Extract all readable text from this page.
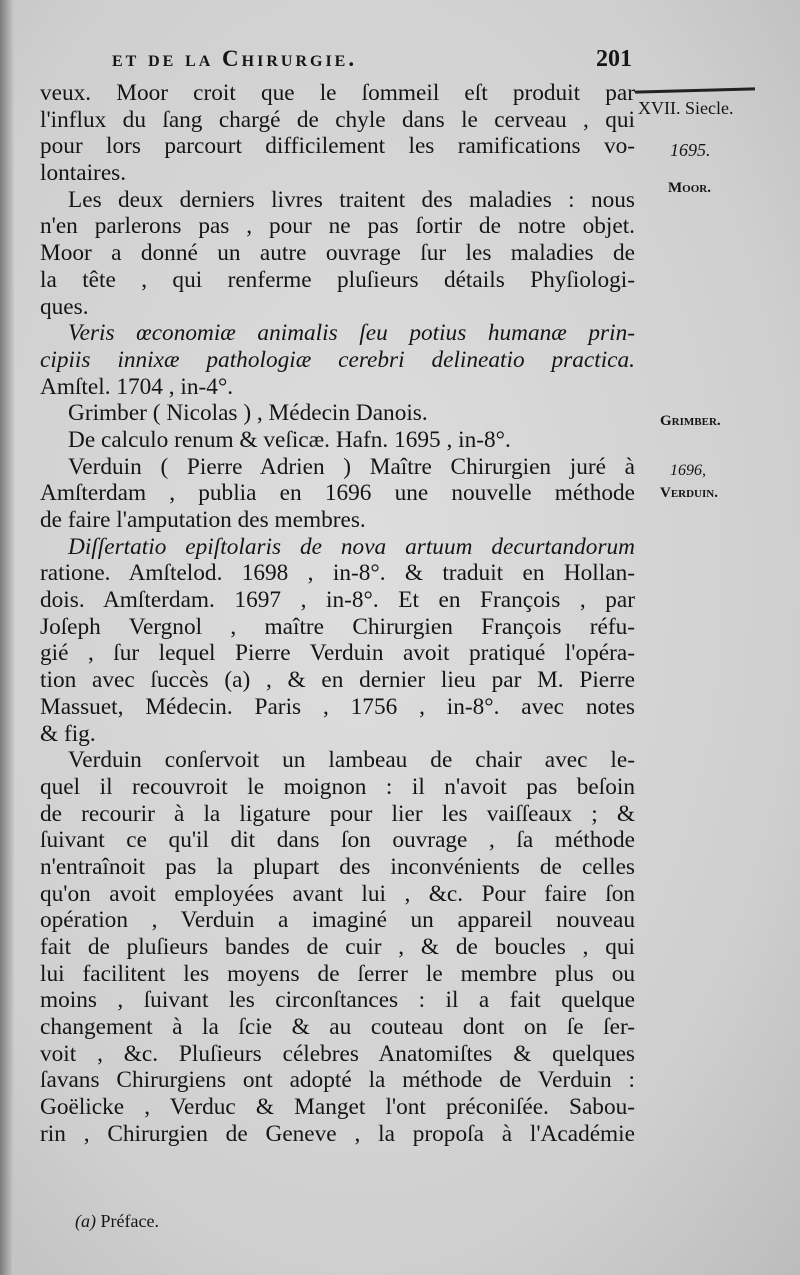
et de la Chirurgie.	201
XVII. Siecle.
1695.
Moor.
Grimber.
1696,
Verduin.
veux. Moor croit que le ſommeil eſt produit par
l'influx du ſang chargé de chyle dans le cerveau , qui
pour lors parcourt difficilement les ramifications vo-
lontaires.
Les deux derniers livres traitent des maladies : nous
n'en parlerons pas , pour ne pas ſortir de notre objet.
Moor a donné un autre ouvrage ſur les maladies de
la tête , qui renferme pluſieurs détails Phyſiologi-
ques.
Veris œconomiæ animalis ſeu potius humanæ prin-
cipiis innixæ pathologiæ cerebri delineatio practica.
Amſtel. 1704 , in-4°.
Grimber ( Nicolas ) , Médecin Danois.
De calculo renum & veſicæ. Hafn. 1695 , in-8°.
Verduin ( Pierre Adrien ) Maître Chirurgien juré à
Amſterdam , publia en 1696 une nouvelle méthode
de faire l'amputation des membres.
Diſſertatio epiſtolaris de nova artuum decurtandorum
ratione. Amſtelod. 1698 , in-8°. & traduit en Hollan-
dois. Amſterdam. 1697 , in-8°. Et en François , par
Joſeph Vergnol , maître Chirurgien François réfu-
gié , ſur lequel Pierre Verduin avoit pratiqué l'opéra-
tion avec ſuccès (a) , & en dernier lieu par M. Pierre
Massuet, Médecin. Paris , 1756 , in-8°. avec notes
& fig.
Verduin conſervoit un lambeau de chair avec le-
quel il recouvroit le moignon : il n'avoit pas beſoin
de recourir à la ligature pour lier les vaiſſeaux ; &
ſuivant ce qu'il dit dans ſon ouvrage , ſa méthode
n'entraînoit pas la plupart des inconvénients de celles
qu'on avoit employées avant lui , &c. Pour faire ſon
opération , Verduin a imaginé un appareil nouveau
fait de pluſieurs bandes de cuir , & de boucles , qui
lui facilitent les moyens de ſerrer le membre plus ou
moins , ſuivant les circonſtances : il a fait quelque
changement à la ſcie & au couteau dont on ſe ſer-
voit , &c. Pluſieurs célebres Anatomiſtes & quelques
ſavans Chirurgiens ont adopté la méthode de Verduin :
Goëlicke , Verduc & Manget l'ont préconiſée. Sabou-
rin , Chirurgien de Geneve , la propoſa à l'Académie
(a) Préface.
